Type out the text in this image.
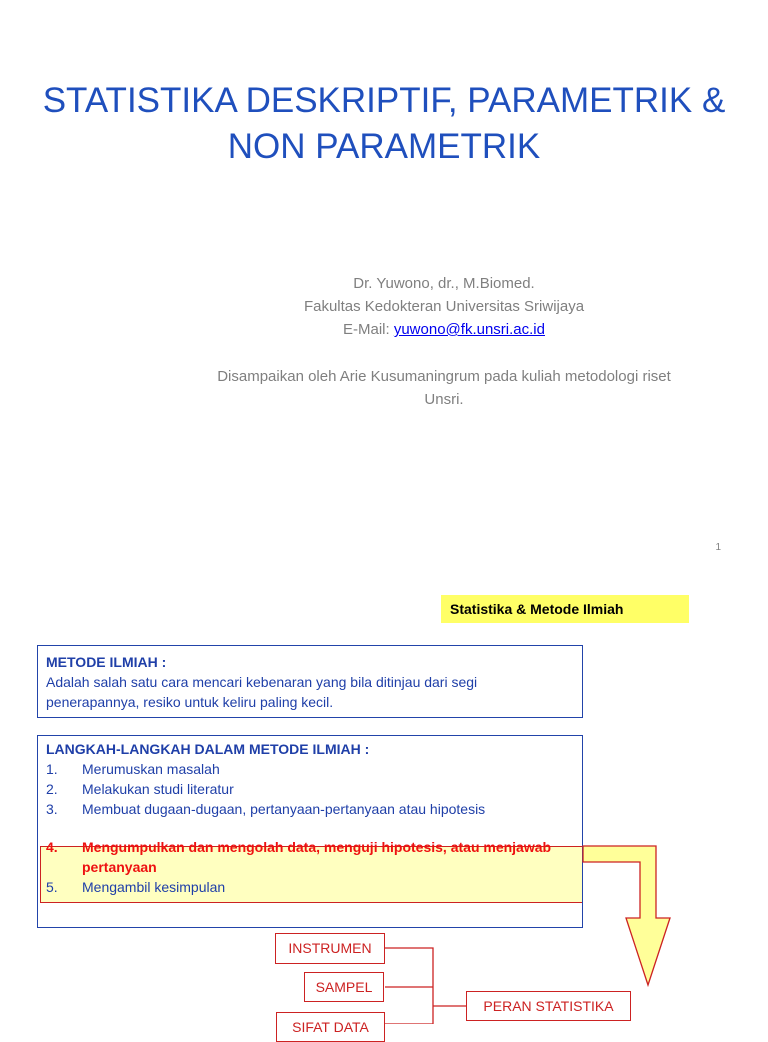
STATISTIKA DESKRIPTIF, PARAMETRIK &
NON PARAMETRIK
Dr. Yuwono, dr., M.Biomed.
Fakultas Kedokteran Universitas Sriwijaya
E-Mail: yuwono@fk.unsri.ac.id
Disampaikan oleh Arie Kusumaningrum pada kuliah metodologi riset
Unsri.
1
Statistika & Metode Ilmiah
METODE ILMIAH :
Adalah salah satu cara mencari kebenaran yang bila ditinjau dari segi
penerapannya, resiko untuk keliru paling kecil.
LANGKAH-LANGKAH DALAM METODE ILMIAH :
1.	Merumuskan masalah
2.	Melakukan studi literatur
3.	Membuat dugaan-dugaan, pertanyaan-pertanyaan atau hipotesis
4.	Mengumpulkan dan mengolah data, menguji hipotesis, atau menjawab pertanyaan
5.	Mengambil kesimpulan
INSTRUMEN
SAMPEL
SIFAT DATA
PERAN STATISTIKA
